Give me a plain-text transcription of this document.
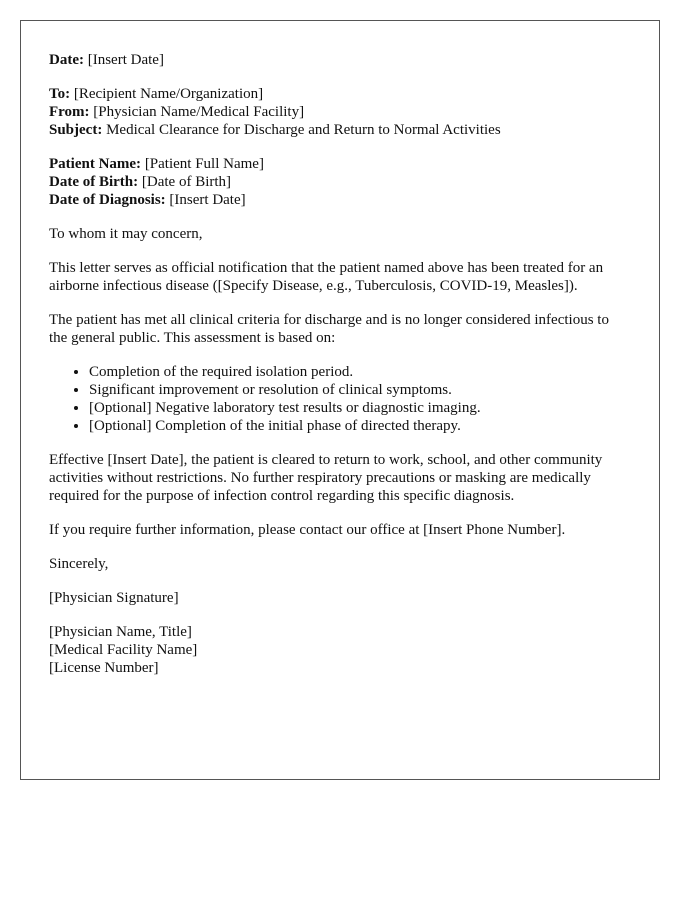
Date: [Insert Date]
To: [Recipient Name/Organization]
From: [Physician Name/Medical Facility]
Subject: Medical Clearance for Discharge and Return to Normal Activities
Patient Name: [Patient Full Name]
Date of Birth: [Date of Birth]
Date of Diagnosis: [Insert Date]

To whom it may concern,

This letter serves as official notification that the patient named above has been treated for an airborne infectious disease ([Specify Disease, e.g., Tuberculosis, COVID-19, Measles]).

The patient has met all clinical criteria for discharge and is no longer considered infectious to the general public. This assessment is based on:

• Completion of the required isolation period.
• Significant improvement or resolution of clinical symptoms.
• [Optional] Negative laboratory test results or diagnostic imaging.
• [Optional] Completion of the initial phase of directed therapy.

Effective [Insert Date], the patient is cleared to return to work, school, and other community activities without restrictions. No further respiratory precautions or masking are medically required for the purpose of infection control regarding this specific diagnosis.

If you require further information, please contact our office at [Insert Phone Number].

Sincerely,

[Physician Signature]

[Physician Name, Title]
[Medical Facility Name]
[License Number]
